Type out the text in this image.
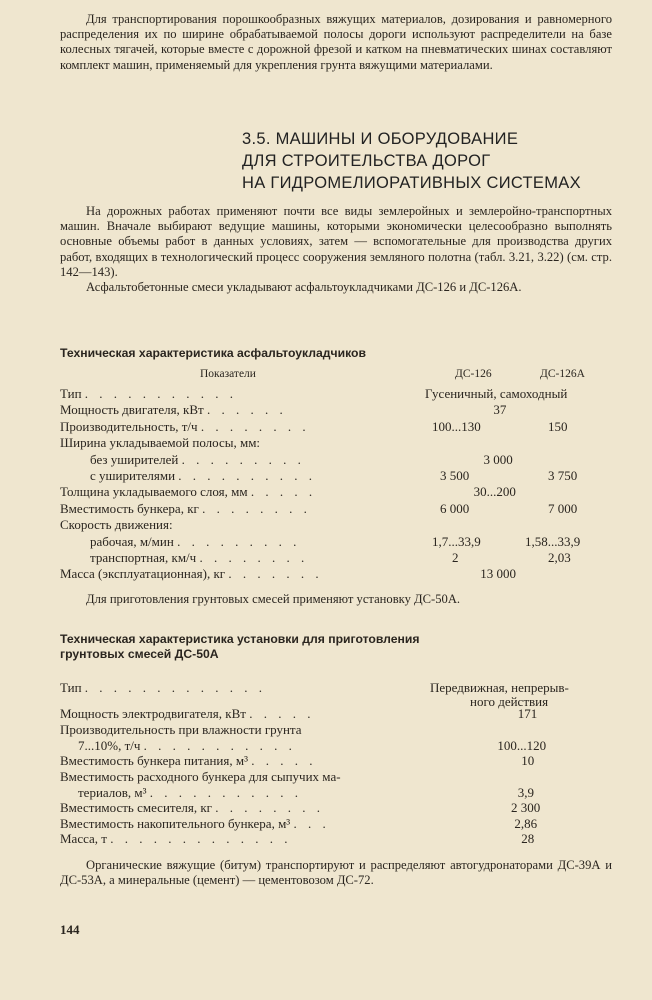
Для транспортирования порошкообразных вяжущих материалов, дозирования и равномерного распределения их по ширине обрабатываемой полосы дороги используют распределители на базе колесных тягачей, которые вместе с дорожной фрезой и катком на пневматических шинах составляют комплект машин, применяемый для укрепления грунта вяжущими материалами.

3.5. МАШИНЫ И ОБОРУДОВАНИЕ
ДЛЯ СТРОИТЕЛЬСТВА ДОРОГ
НА ГИДРОМЕЛИОРАТИВНЫХ СИСТЕМАХ

На дорожных работах применяют почти все виды землеройных и землеройно-транспортных машин. Вначале выбирают ведущие машины, которыми экономически целесообразно выполнять основные объемы работ в данных условиях, затем — вспомогательные для производства других работ, входящих в технологический процесс сооружения земляного полотна (табл. 3.21, 3.22) (см. стр. 142—143).

Асфальтобетонные смеси укладывают асфальтоукладчиками ДС-126 и ДС-126А.

Техническая характеристика асфальтоукладчиков
Показатели	ДС-126	ДС-126А
Тип . . . . . . . . . . .	Гусеничный, самоходный
Мощность двигателя, кВт . . . . . .	37
Производительность, т/ч . . . . . . . .	100...130	150
Ширина укладываемой полосы, мм:
без уширителей . . . . . . . . .	3 000
с уширителями . . . . . . . . . .	3 500	3 750
Толщина укладываемого слоя, мм . . . . .	30...200
Вместимость бункера, кг . . . . . . . .	6 000	7 000
Скорость движения:
рабочая, м/мин . . . . . . . . .	1,7...33,9	1,58...33,9
транспортная, км/ч . . . . . . . .	2	2,03
Масса (эксплуатационная), кг . . . . . . .	13 000

Для приготовления грунтовых смесей применяют установку ДС-50А.

Техническая характеристика установки для приготовления
грунтовых смесей ДС-50А
Тип . . . . . . . . . . . . .	Передвижная, непрерыв-
ного действия
Мощность электродвигателя, кВт . . . . .	171
Производительность при влажности грунта
7...10%, т/ч . . . . . . . . . . .	100...120
Вместимость бункера питания, м³ . . . . .	10
Вместимость расходного бункера для сыпучих ма-
териалов, м³ . . . . . . . . . . .	3,9
Вместимость смесителя, кг . . . . . . . .	2 300
Вместимость накопительного бункера, м³ . . .	2,86
Масса, т . . . . . . . . . . . . .	28

Органические вяжущие (битум) транспортируют и распределяют автогудронаторами ДС-39А и ДС-53А, а минеральные (цемент) — цементовозом ДС-72.

144
